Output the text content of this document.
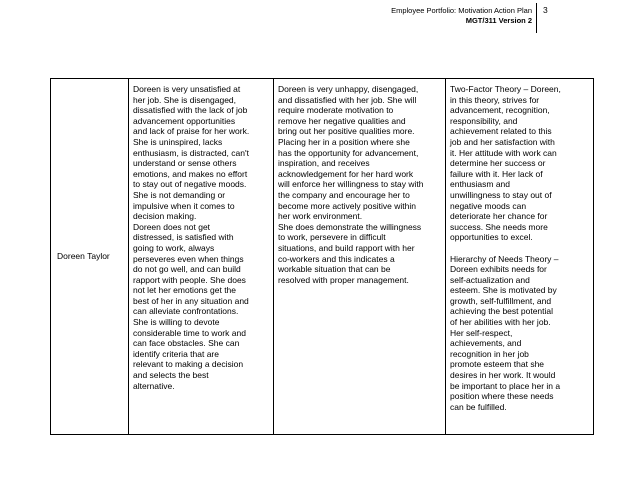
Employee Portfolio: Motivation Action Plan
MGT/311 Version 2
3
Doreen Taylor	
Doreen is very unsatisfied at
her job. She is disengaged,
dissatisfied with the lack of job
advancement opportunities
and lack of praise for her work.
She is uninspired, lacks
enthusiasm, is distracted, can't
understand or sense others
emotions, and makes no effort
to stay out of negative moods.
She is not demanding or
impulsive when it comes to
decision making.
Doreen does not get
distressed, is satisfied with
going to work, always
perseveres even when things
do not go well, and can build
rapport with people. She does
not let her emotions get the
best of her in any situation and
can alleviate confrontations.
She is willing to devote
considerable time to work and
can face obstacles. She can
identify criteria that are
relevant to making a decision
and selects the best
alternative.

Doreen is very unhappy, disengaged,
and dissatisfied with her job. She will
require moderate motivation to
remove her negative qualities and
bring out her positive qualities more.
Placing her in a position where she
has the opportunity for advancement,
inspiration, and receives
acknowledgement for her hard work
will enforce her willingness to stay with
the company and encourage her to
become more actively positive within
her work environment.
She does demonstrate the willingness
to work, persevere in difficult
situations, and build rapport with her
co-workers and this indicates a
workable situation that can be
resolved with proper management.

Two-Factor Theory – Doreen,
in this theory, strives for
advancement, recognition,
responsibility, and
achievement related to this
job and her satisfaction with
it. Her attitude with work can
determine her success or
failure with it. Her lack of
enthusiasm and
unwillingness to stay out of
negative moods can
deteriorate her chance for
success. She needs more
opportunities to excel.
Hierarchy of Needs Theory –
Doreen exhibits needs for
self-actualization and
esteem. She is motivated by
growth, self-fulfillment, and
achieving the best potential
of her abilities with her job.
Her self-respect,
achievements, and
recognition in her job
promote esteem that she
desires in her work. It would
be important to place her in a
position where these needs
can be fulfilled.
